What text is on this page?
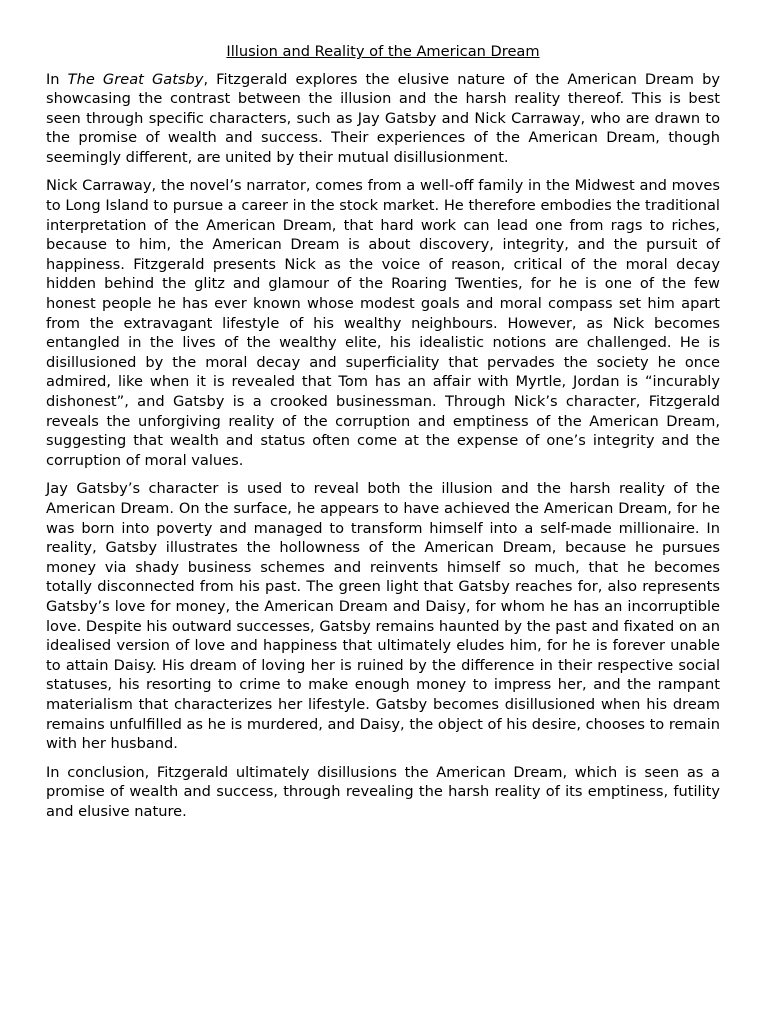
Illusion and Reality of the American Dream

In The Great Gatsby, Fitzgerald explores the elusive nature of the American Dream by showcasing the contrast between the illusion and the harsh reality thereof. This is best seen through specific characters, such as Jay Gatsby and Nick Carraway, who are drawn to the promise of wealth and success. Their experiences of the American Dream, though seemingly different, are united by their mutual disillusionment.

Nick Carraway, the novel’s narrator, comes from a well-off family in the Midwest and moves to Long Island to pursue a career in the stock market. He therefore embodies the traditional interpretation of the American Dream, that hard work can lead one from rags to riches, because to him, the American Dream is about discovery, integrity, and the pursuit of happiness. Fitzgerald presents Nick as the voice of reason, critical of the moral decay hidden behind the glitz and glamour of the Roaring Twenties, for he is one of the few honest people he has ever known whose modest goals and moral compass set him apart from the extravagant lifestyle of his wealthy neighbours. However, as Nick becomes entangled in the lives of the wealthy elite, his idealistic notions are challenged. He is disillusioned by the moral decay and superficiality that pervades the society he once admired, like when it is revealed that Tom has an affair with Myrtle, Jordan is “incurably dishonest”, and Gatsby is a crooked businessman. Through Nick’s character, Fitzgerald reveals the unforgiving reality of the corruption and emptiness of the American Dream, suggesting that wealth and status often come at the expense of one’s integrity and the corruption of moral values.

Jay Gatsby’s character is used to reveal both the illusion and the harsh reality of the American Dream. On the surface, he appears to have achieved the American Dream, for he was born into poverty and managed to transform himself into a self-made millionaire. In reality, Gatsby illustrates the hollowness of the American Dream, because he pursues money via shady business schemes and reinvents himself so much, that he becomes totally disconnected from his past. The green light that Gatsby reaches for, also represents Gatsby’s love for money, the American Dream and Daisy, for whom he has an incorruptible love. Despite his outward successes, Gatsby remains haunted by the past and fixated on an idealised version of love and happiness that ultimately eludes him, for he is forever unable to attain Daisy. His dream of loving her is ruined by the difference in their respective social statuses, his resorting to crime to make enough money to impress her, and the rampant materialism that characterizes her lifestyle. Gatsby becomes disillusioned when his dream remains unfulfilled as he is murdered, and Daisy, the object of his desire, chooses to remain with her husband.

In conclusion, Fitzgerald ultimately disillusions the American Dream, which is seen as a promise of wealth and success, through revealing the harsh reality of its emptiness, futility and elusive nature.
